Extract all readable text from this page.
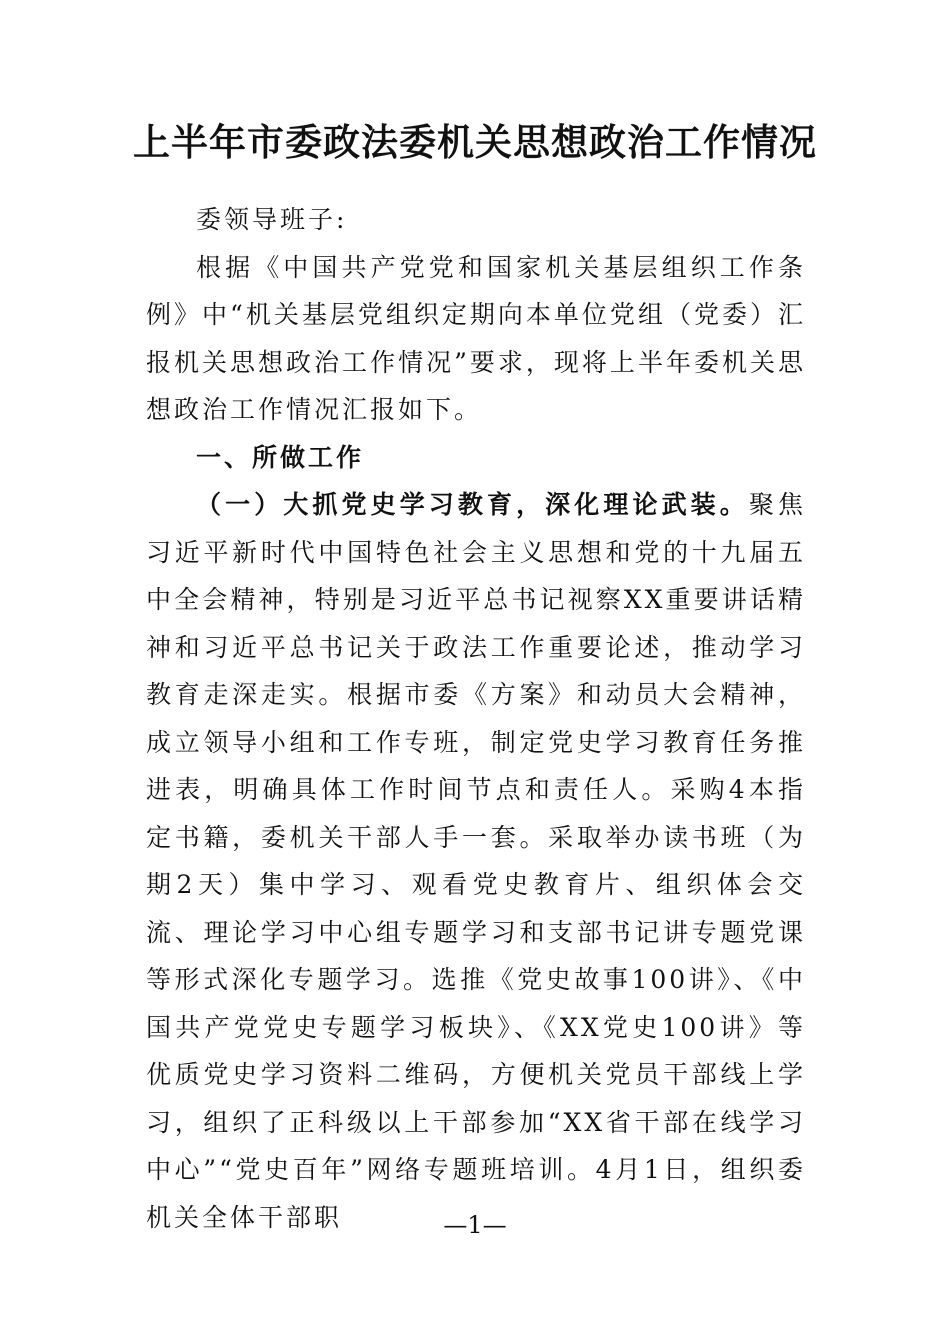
上半年市委政法委机关思想政治工作情况

委领导班子:

根据《中国共产党党和国家机关基层组织工作条例》中“机关基层党组织定期向本单位党组（党委）汇报机关思想政治工作情况”要求，现将上半年委机关思想政治工作情况汇报如下。

一、所做工作

（一）大抓党史学习教育，深化理论武装。聚焦习近平新时代中国特色社会主义思想和党的十九届五中全会精神，特别是习近平总书记视察XX重要讲话精神和习近平总书记关于政法工作重要论述，推动学习教育走深走实。根据市委《方案》和动员大会精神，成立领导小组和工作专班，制定党史学习教育任务推进表，明确具体工作时间节点和责任人。采购4本指定书籍，委机关干部人手一套。采取举办读书班（为期2天）集中学习、观看党史教育片、组织体会交流、理论学习中心组专题学习和支部书记讲专题党课等形式深化专题学习。选推《党史故事100讲》、《中国共产党党史专题学习板块》、《XX党史100讲》等优质党史学习资料二维码，方便机关党员干部线上学习，组织了正科级以上干部参加“XX省干部在线学习中心”“党史百年”网络专题班培训。4月1日，组织委机关全体干部职	—1—
